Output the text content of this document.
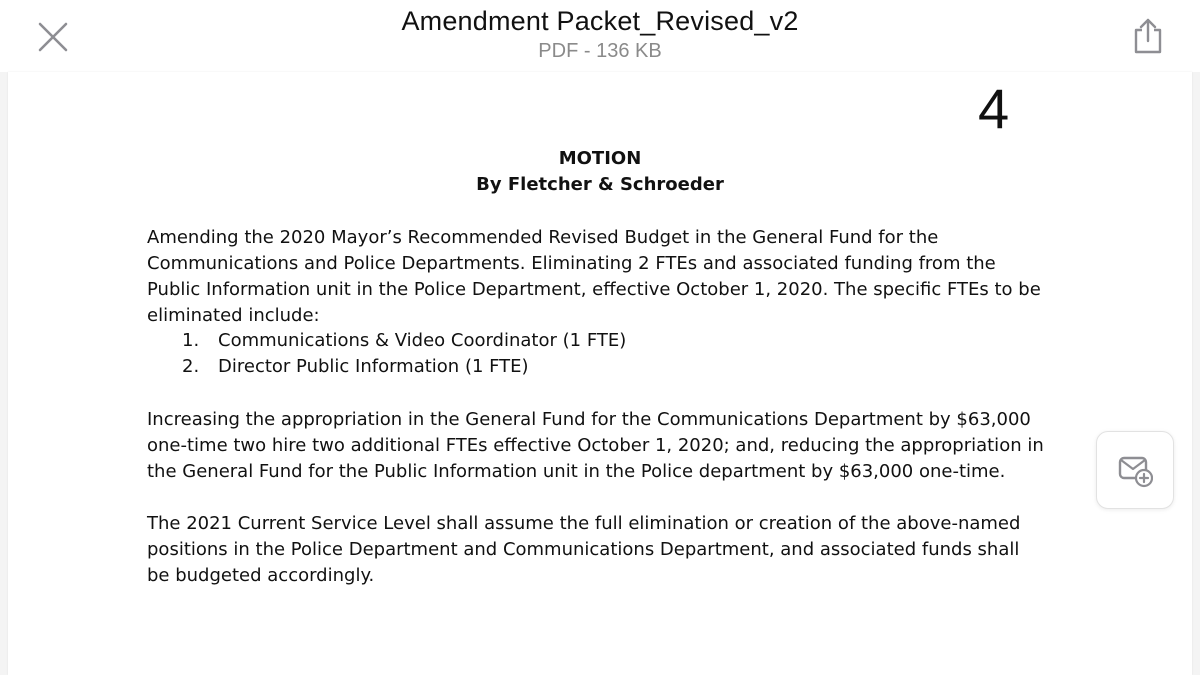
Amendment Packet_Revised_v2
PDF - 136 KB
4
MOTION
By Fletcher & Schroeder

Amending the 2020 Mayor’s Recommended Revised Budget in the General Fund for the Communications and Police Departments. Eliminating 2 FTEs and associated funding from the Public Information unit in the Police Department, effective October 1, 2020. The specific FTEs to be eliminated include:

1. Communications & Video Coordinator (1 FTE)
2. Director Public Information (1 FTE)

Increasing the appropriation in the General Fund for the Communications Department by $63,000 one-time two hire two additional FTEs effective October 1, 2020; and, reducing the appropriation in the General Fund for the Public Information unit in the Police department by $63,000 one-time.

The 2021 Current Service Level shall assume the full elimination or creation of the above-named positions in the Police Department and Communications Department, and associated funds shall be budgeted accordingly.
